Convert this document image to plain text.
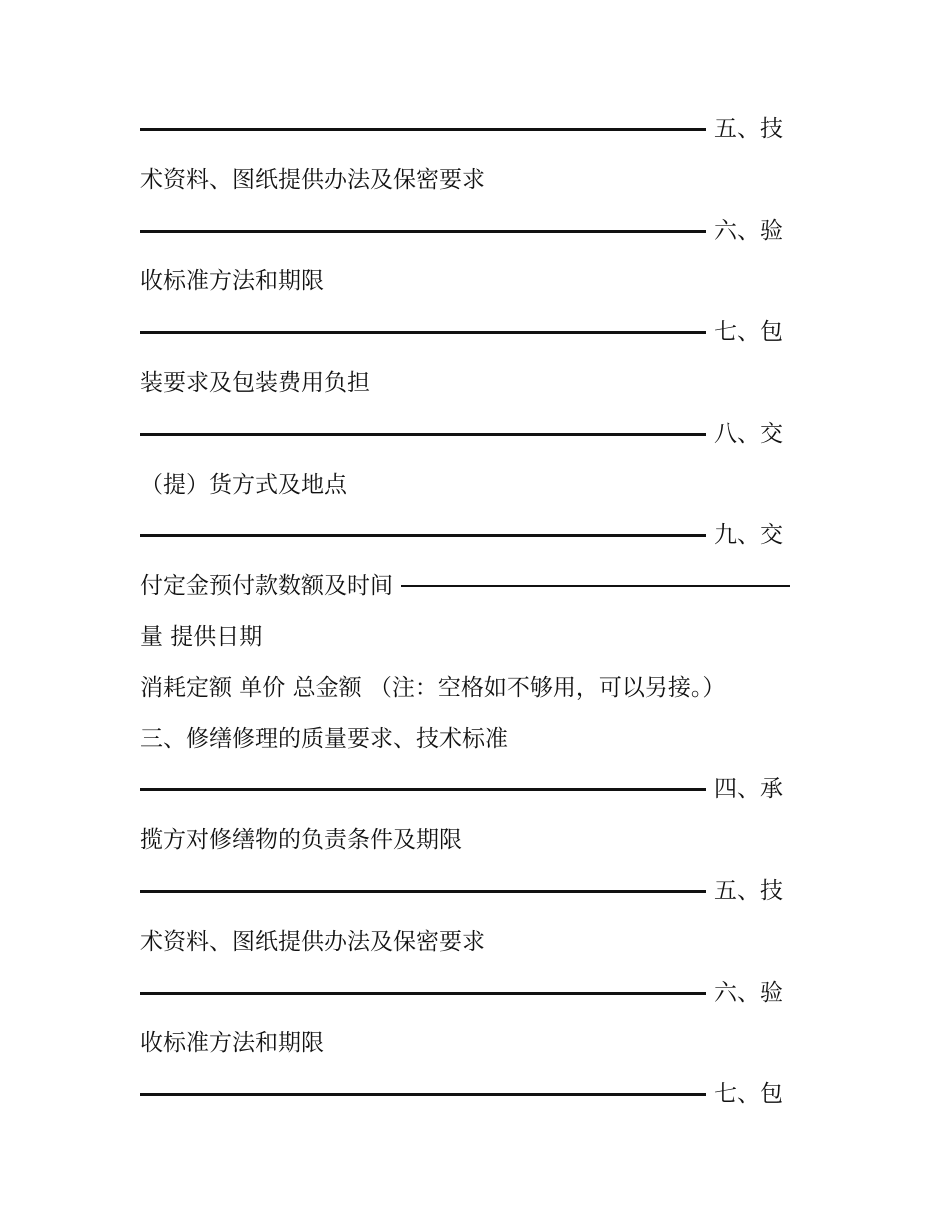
五、技
术资料、图纸提供办法及保密要求
六、验
收标准方法和期限
七、包
装要求及包装费用负担
八、交
（提）货方式及地点
九、交
付定金预付款数额及时间
量 提供日期
消耗定额 单价 总金额 （注：空格如不够用，可以另接。）
三、修缮修理的质量要求、技术标准
四、承
揽方对修缮物的负责条件及期限
五、技
术资料、图纸提供办法及保密要求
六、验
收标准方法和期限
七、包
